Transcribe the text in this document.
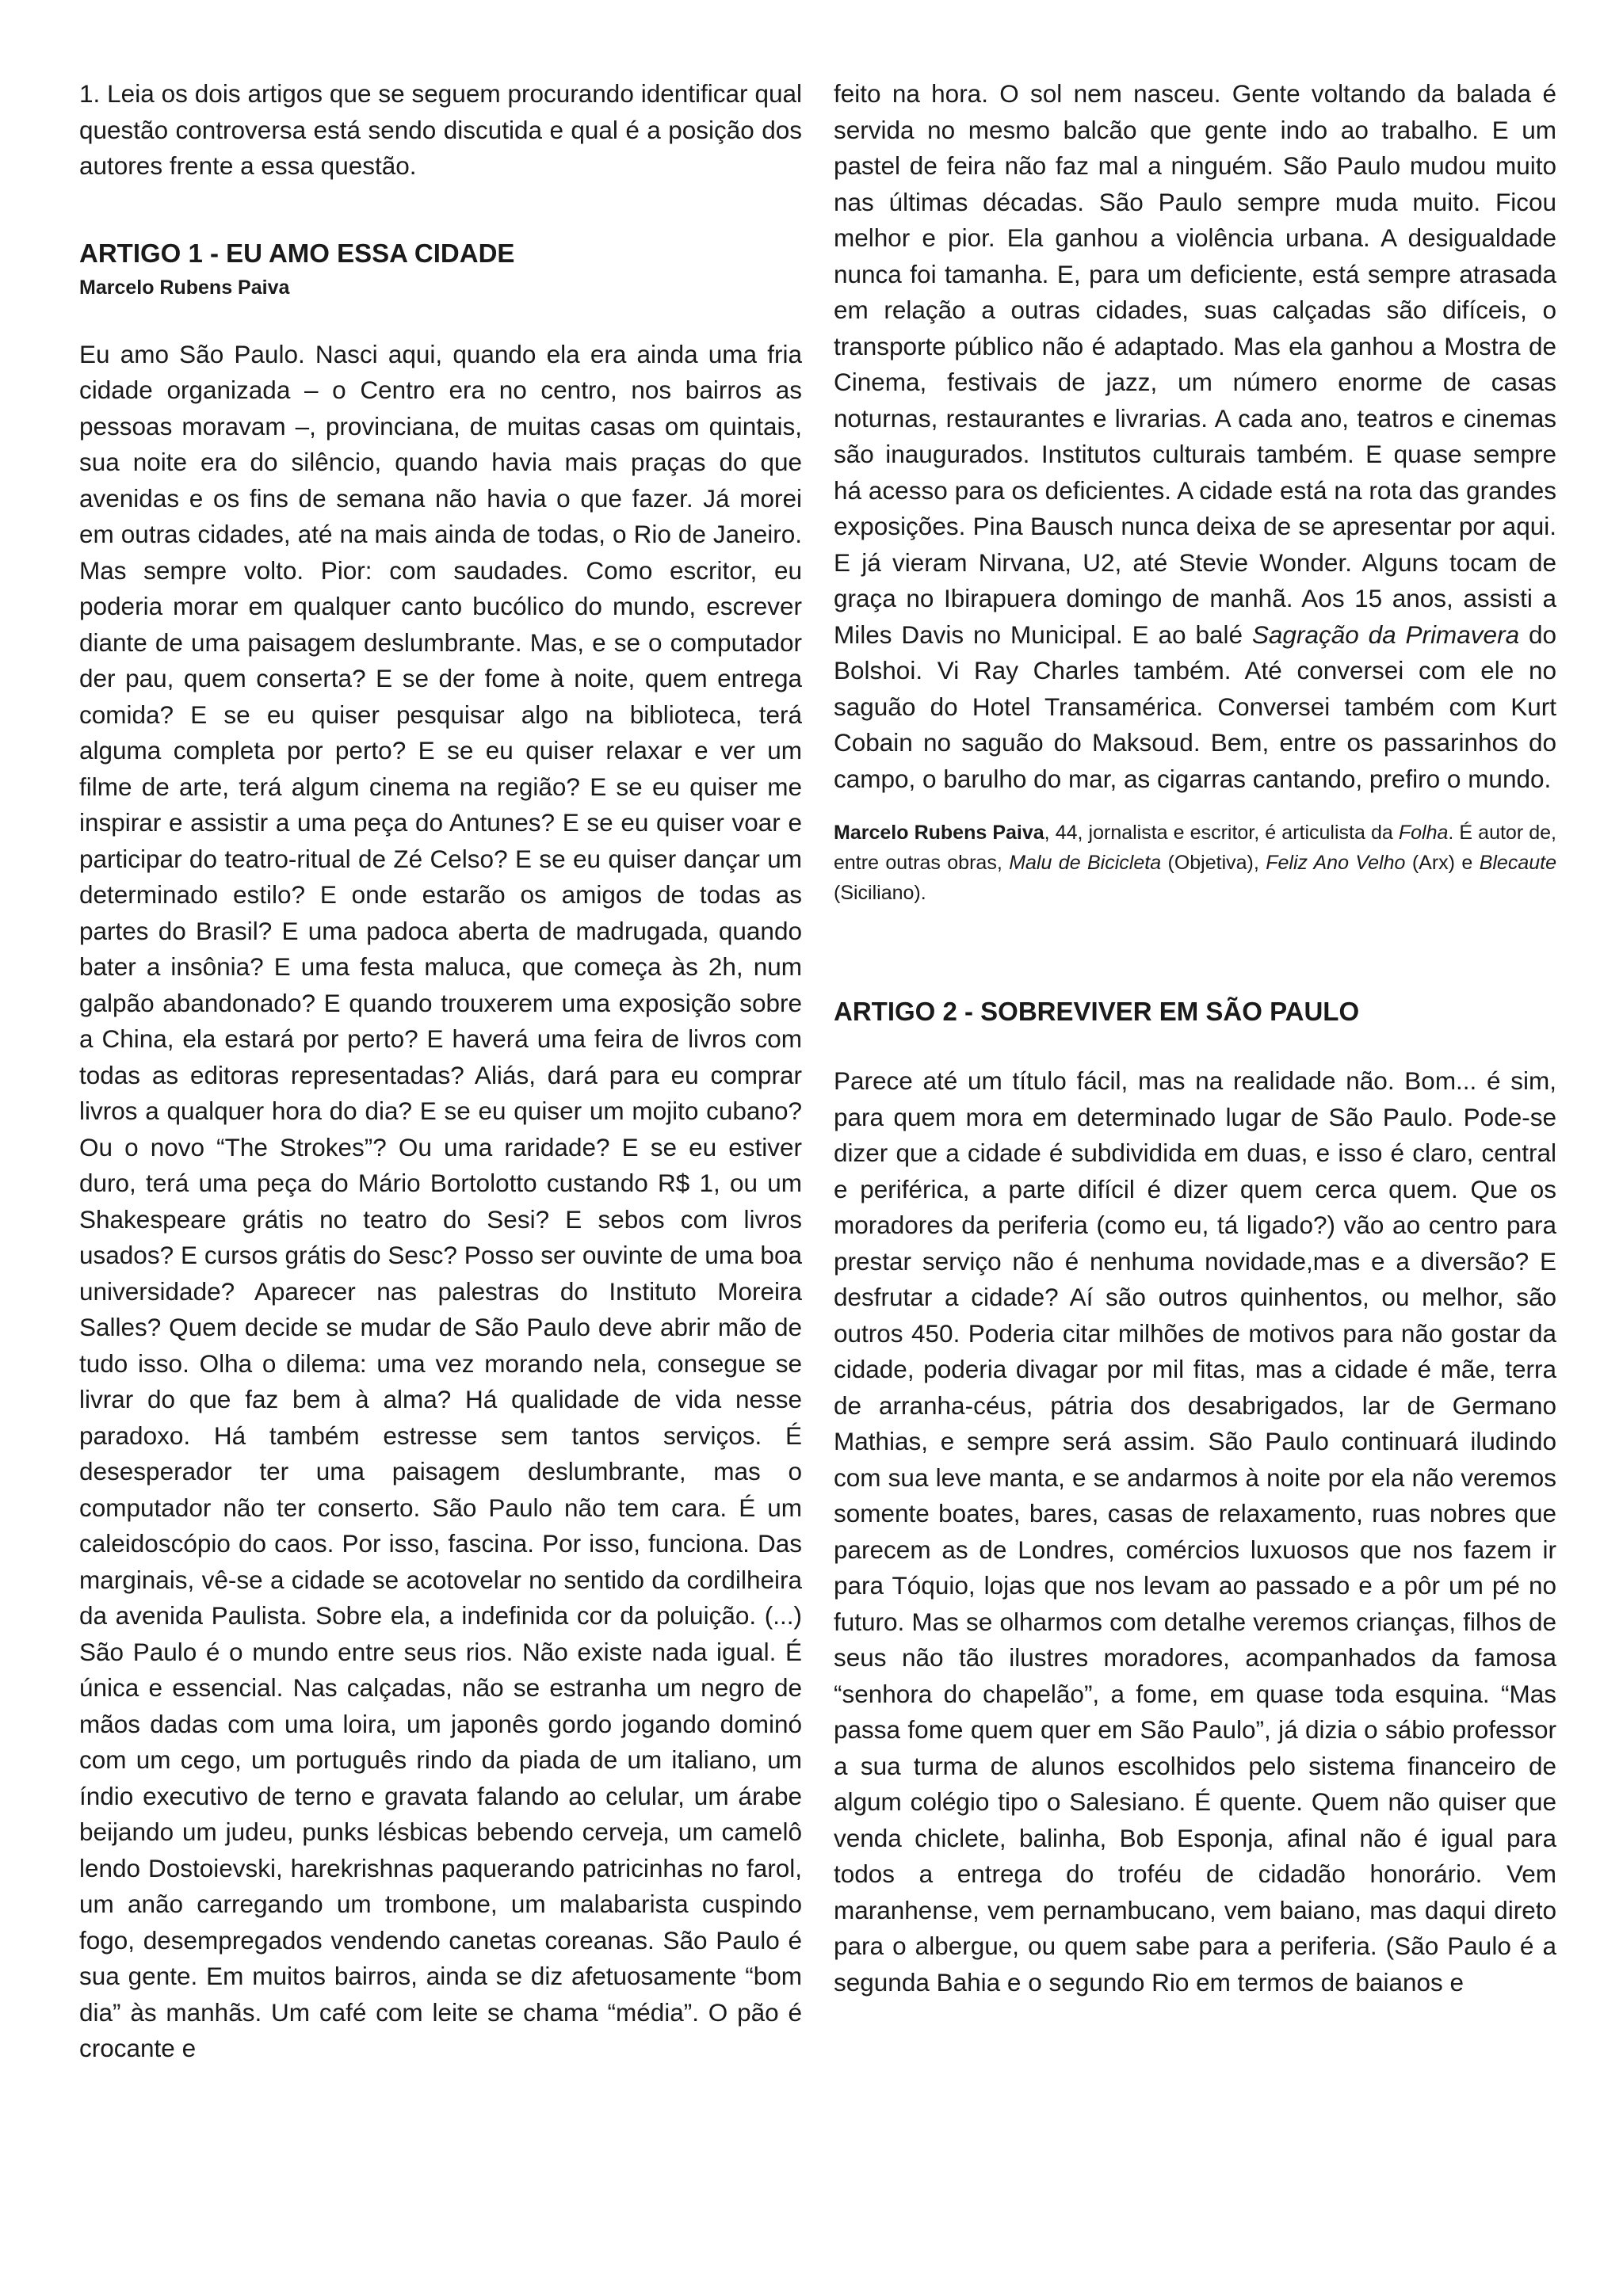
1. Leia os dois artigos que se seguem procurando identificar qual questão controversa está sendo discutida e qual é a posição dos autores frente a essa questão.

ARTIGO 1 - EU AMO ESSA CIDADE

Marcelo Rubens Paiva

Eu amo São Paulo. Nasci aqui, quando ela era ainda uma fria cidade organizada – o Centro era no centro, nos bairros as pessoas moravam –, provinciana, de muitas casas om quintais, sua noite era do silêncio, quando havia mais praças do que avenidas e os fins de semana não havia o que fazer. Já morei em outras cidades, até na mais ainda de todas, o Rio de Janeiro. Mas sempre volto. Pior: com saudades. Como escritor, eu poderia morar em qualquer canto bucólico do mundo, escrever diante de uma paisagem deslumbrante. Mas, e se o computador der pau, quem conserta? E se der fome à noite, quem entrega comida? E se eu quiser pesquisar algo na biblioteca, terá alguma completa por perto? E se eu quiser relaxar e ver um filme de arte, terá algum cinema na região? E se eu quiser me inspirar e assistir a uma peça do Antunes? E se eu quiser voar e participar do teatro-ritual de Zé Celso? E se eu quiser dançar um determinado estilo? E onde estarão os amigos de todas as partes do Brasil? E uma padoca aberta de madrugada, quando bater a insônia? E uma festa maluca, que começa às 2h, num galpão abandonado? E quando trouxerem uma exposição sobre a China, ela estará por perto? E haverá uma feira de livros com todas as editoras representadas? Aliás, dará para eu comprar livros a qualquer hora do dia? E se eu quiser um mojito cubano? Ou o novo “The Strokes”? Ou uma raridade? E se eu estiver duro, terá uma peça do Mário Bortolotto custando R$ 1, ou um Shakespeare grátis no teatro do Sesi? E sebos com livros usados? E cursos grátis do Sesc? Posso ser ouvinte de uma boa universidade? Aparecer nas palestras do Instituto Moreira Salles? Quem decide se mudar de São Paulo deve abrir mão de tudo isso. Olha o dilema: uma vez morando nela, consegue se livrar do que faz bem à alma? Há qualidade de vida nesse paradoxo. Há também estresse sem tantos serviços. É desesperador ter uma paisagem deslumbrante, mas o computador não ter conserto. São Paulo não tem cara. É um caleidoscópio do caos. Por isso, fascina. Por isso, funciona. Das marginais, vê-se a cidade se acotovelar no sentido da cordilheira da avenida Paulista. Sobre ela, a indefinida cor da poluição. (...) São Paulo é o mundo entre seus rios. Não existe nada igual. É única e essencial. Nas calçadas, não se estranha um negro de mãos dadas com uma loira, um japonês gordo jogando dominó com um cego, um português rindo da piada de um italiano, um índio executivo de terno e gravata falando ao celular, um árabe beijando um judeu, punks lésbicas bebendo cerveja, um camelô lendo Dostoievski, harekrishnas paquerando patricinhas no farol, um anão carregando um trombone, um malabarista cuspindo fogo, desempregados vendendo canetas coreanas. São Paulo é sua gente. Em muitos bairros, ainda se diz afetuosamente “bom dia” às manhãs. Um café com leite se chama “média”. O pão é crocante e

feito na hora. O sol nem nasceu. Gente voltando da balada é servida no mesmo balcão que gente indo ao trabalho. E um pastel de feira não faz mal a ninguém. São Paulo mudou muito nas últimas décadas. São Paulo sempre muda muito. Ficou melhor e pior. Ela ganhou a violência urbana. A desigualdade nunca foi tamanha. E, para um deficiente, está sempre atrasada em relação a outras cidades, suas calçadas são difíceis, o transporte público não é adaptado. Mas ela ganhou a Mostra de Cinema, festivais de jazz, um número enorme de casas noturnas, restaurantes e livrarias. A cada ano, teatros e cinemas são inaugurados. Institutos culturais também. E quase sempre há acesso para os deficientes. A cidade está na rota das grandes exposições. Pina Bausch nunca deixa de se apresentar por aqui. E já vieram Nirvana, U2, até Stevie Wonder. Alguns tocam de graça no Ibirapuera domingo de manhã. Aos 15 anos, assisti a Miles Davis no Municipal. E ao balé Sagração da Primavera do Bolshoi. Vi Ray Charles também. Até conversei com ele no saguão do Hotel Transamérica. Conversei também com Kurt Cobain no saguão do Maksoud. Bem, entre os passarinhos do campo, o barulho do mar, as cigarras cantando, prefiro o mundo.

Marcelo Rubens Paiva, 44, jornalista e escritor, é articulista da Folha. É autor de, entre outras obras, Malu de Bicicleta (Objetiva), Feliz Ano Velho (Arx) e Blecaute (Siciliano).

ARTIGO 2 - SOBREVIVER EM SÃO PAULO

Parece até um título fácil, mas na realidade não. Bom... é sim, para quem mora em determinado lugar de São Paulo. Pode-se dizer que a cidade é subdividida em duas, e isso é claro, central e periférica, a parte difícil é dizer quem cerca quem. Que os moradores da periferia (como eu, tá ligado?) vão ao centro para prestar serviço não é nenhuma novidade,mas e a diversão? E desfrutar a cidade? Aí são outros quinhentos, ou melhor, são outros 450. Poderia citar milhões de motivos para não gostar da cidade, poderia divagar por mil fitas, mas a cidade é mãe, terra de arranha-céus, pátria dos desabrigados, lar de Germano Mathias, e sempre será assim. São Paulo continuará iludindo com sua leve manta, e se andarmos à noite por ela não veremos somente boates, bares, casas de relaxamento, ruas nobres que parecem as de Londres, comércios luxuosos que nos fazem ir para Tóquio, lojas que nos levam ao passado e a pôr um pé no futuro. Mas se olharmos com detalhe veremos crianças, filhos de seus não tão ilustres moradores, acompanhados da famosa “senhora do chapelão”, a fome, em quase toda esquina. “Mas passa fome quem quer em São Paulo”, já dizia o sábio professor a sua turma de alunos escolhidos pelo sistema financeiro de algum colégio tipo o Salesiano. É quente. Quem não quiser que venda chiclete, balinha, Bob Esponja, afinal não é igual para todos a entrega do troféu de cidadão honorário. Vem maranhense, vem pernambucano, vem baiano, mas daqui direto para o albergue, ou quem sabe para a periferia. (São Paulo é a segunda Bahia e o segundo Rio em termos de baianos e
